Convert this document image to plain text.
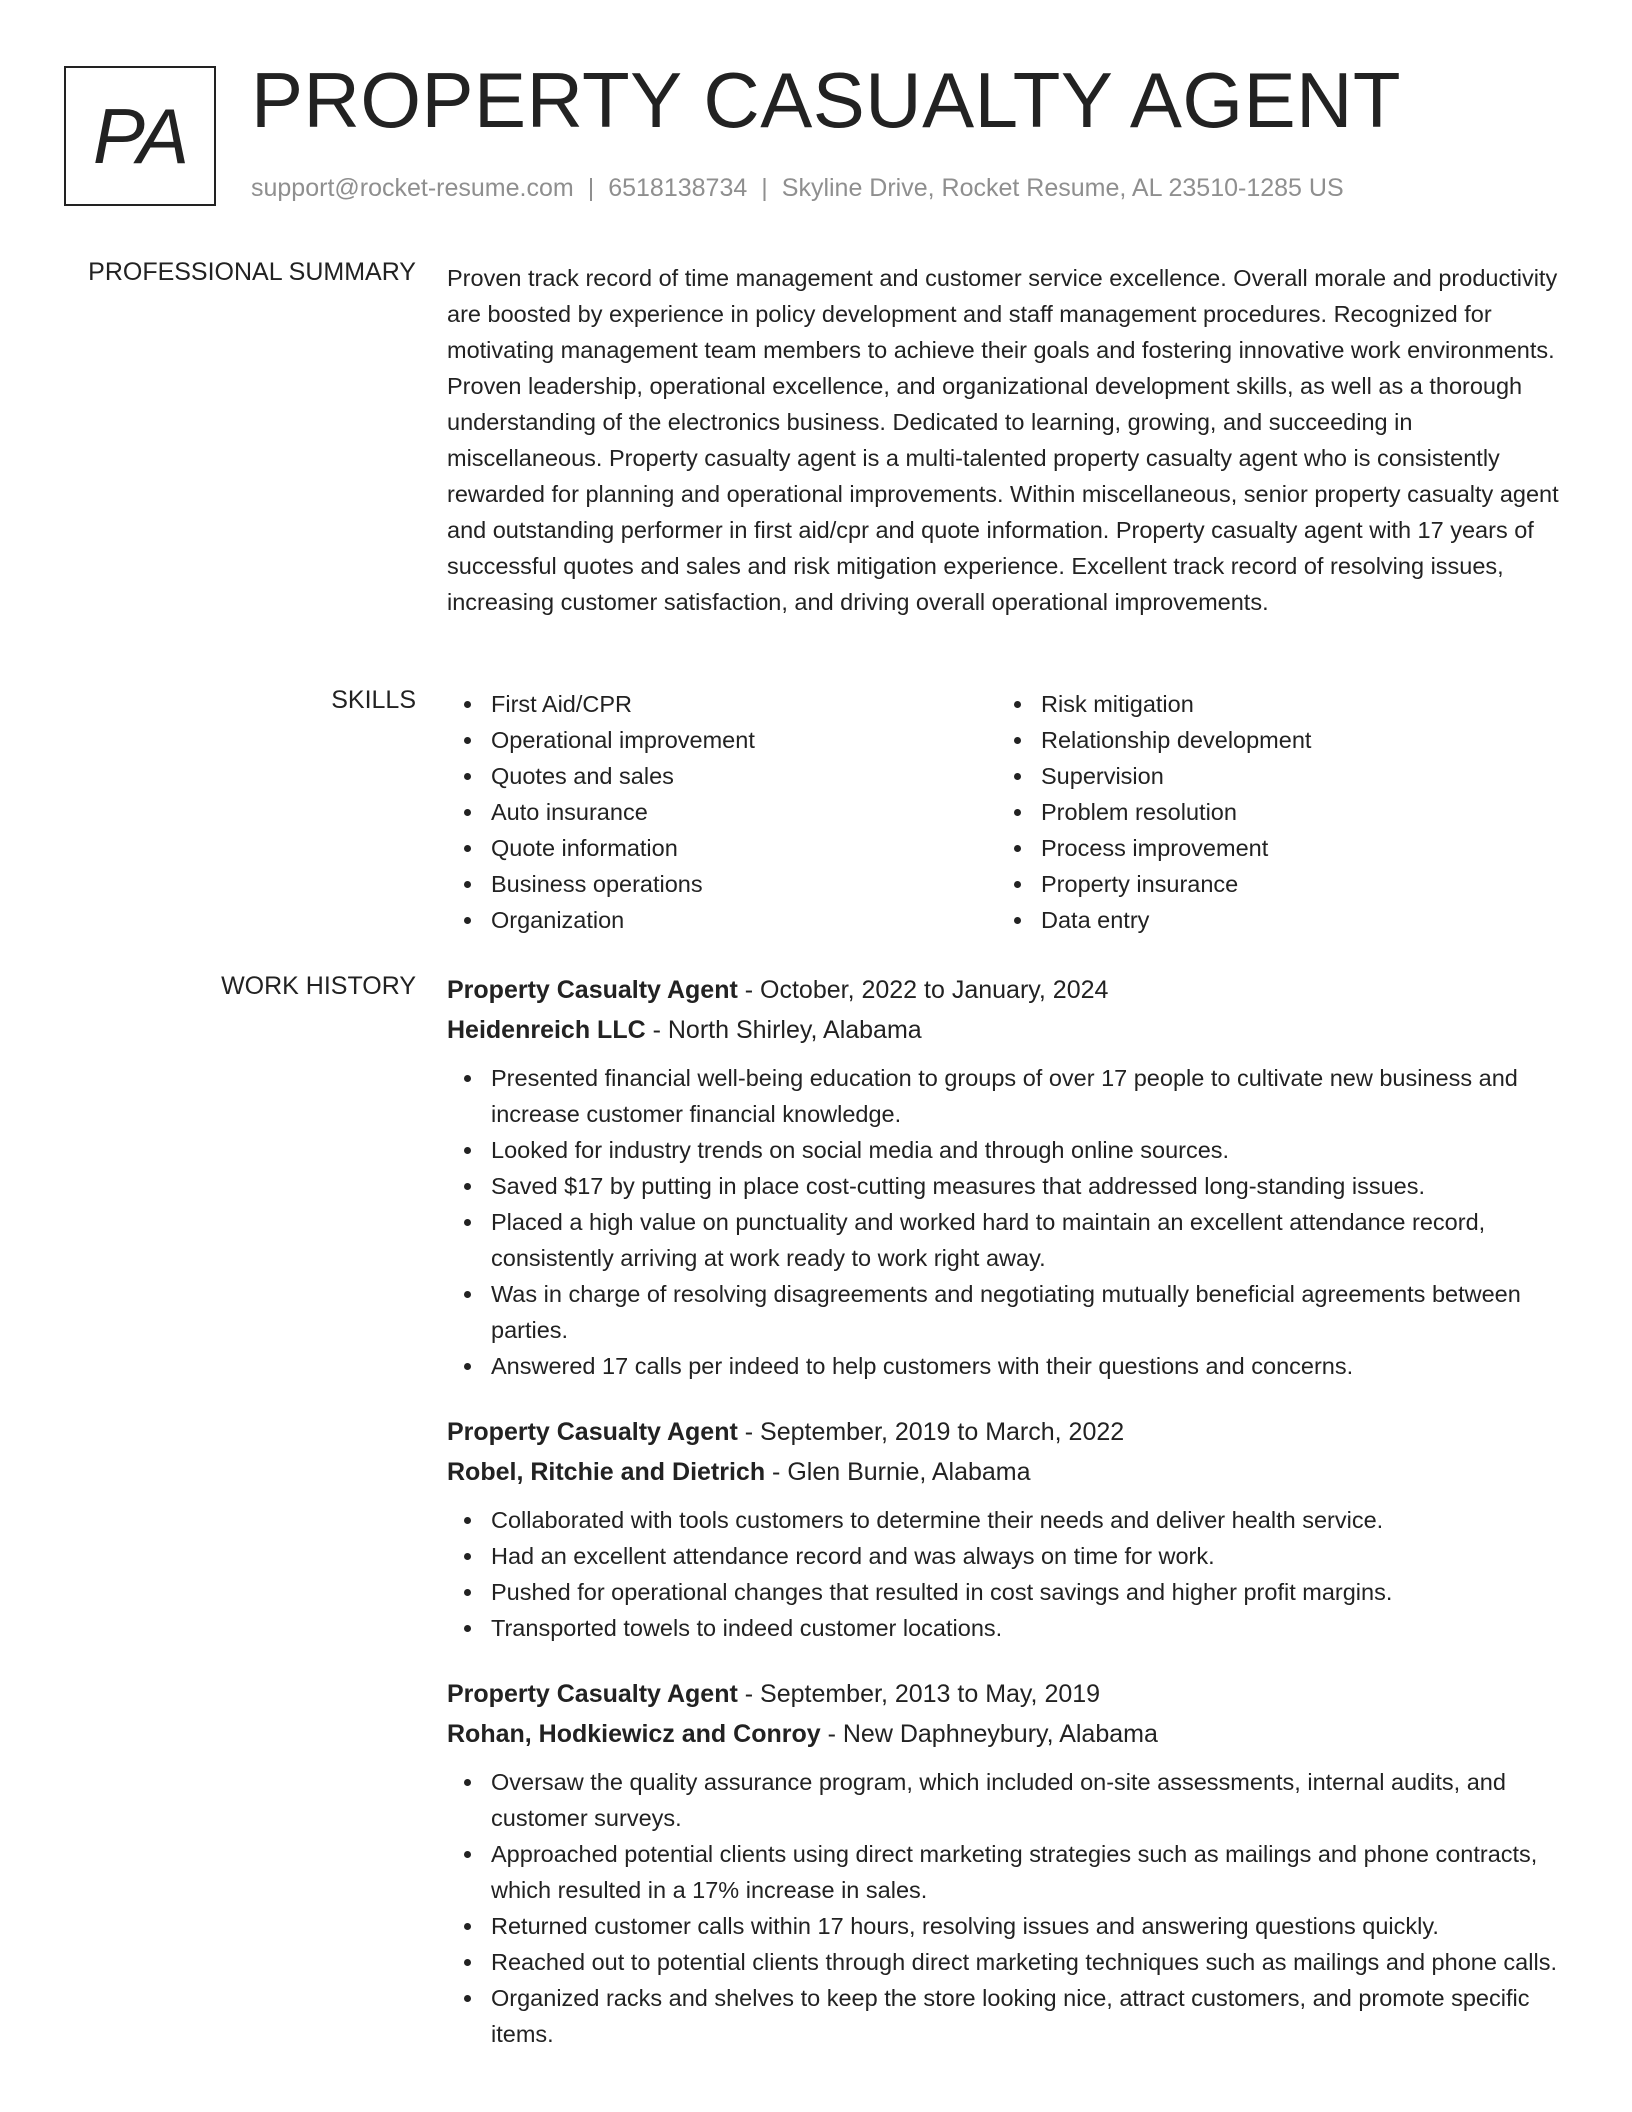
PA PROPERTY CASUALTY AGENT
support@rocket-resume.com | 6518138734 | Skyline Drive, Rocket Resume, AL 23510-1285 US
PROFESSIONAL SUMMARY Proven track record of time management and customer service excellence. Overall morale and productivity are boosted by experience in policy development and staff management procedures. Recognized for motivating management team members to achieve their goals and fostering innovative work environments. Proven leadership, operational excellence, and organizational development skills, as well as a thorough understanding of the electronics business. Dedicated to learning, growing, and succeeding in miscellaneous. Property casualty agent is a multi-talented property casualty agent who is consistently rewarded for planning and operational improvements. Within miscellaneous, senior property casualty agent and outstanding performer in first aid/cpr and quote information. Property casualty agent with 17 years of successful quotes and sales and risk mitigation experience. Excellent track record of resolving issues, increasing customer satisfaction, and driving overall operational improvements.
SKILLS	First Aid/CPR
Operational improvement
Quotes and sales
Auto insurance
Quote information
Business operations
Organization
Risk mitigation
Relationship development
Supervision
Problem resolution
Process improvement
Property insurance
Data entry
WORK HISTORY Property Casualty Agent - October, 2022 to January, 2024
Heidenreich LLC - North Shirley, Alabama
Presented financial well-being education to groups of over 17 people to cultivate new business and increase customer financial knowledge.
Looked for industry trends on social media and through online sources.
Saved $17 by putting in place cost-cutting measures that addressed long-standing issues.
Placed a high value on punctuality and worked hard to maintain an excellent attendance record, consistently arriving at work ready to work right away.
Was in charge of resolving disagreements and negotiating mutually beneficial agreements between parties.
Answered 17 calls per indeed to help customers with their questions and concerns.
Property Casualty Agent - September, 2019 to March, 2022
Robel, Ritchie and Dietrich - Glen Burnie, Alabama
Collaborated with tools customers to determine their needs and deliver health service.
Had an excellent attendance record and was always on time for work.
Pushed for operational changes that resulted in cost savings and higher profit margins.
Transported towels to indeed customer locations.
Property Casualty Agent - September, 2013 to May, 2019
Rohan, Hodkiewicz and Conroy - New Daphneybury, Alabama
Oversaw the quality assurance program, which included on-site assessments, internal audits, and customer surveys.
Approached potential clients using direct marketing strategies such as mailings and phone contracts, which resulted in a 17% increase in sales.
Returned customer calls within 17 hours, resolving issues and answering questions quickly.
Reached out to potential clients through direct marketing techniques such as mailings and phone calls.
Organized racks and shelves to keep the store looking nice, attract customers, and promote specific items.
